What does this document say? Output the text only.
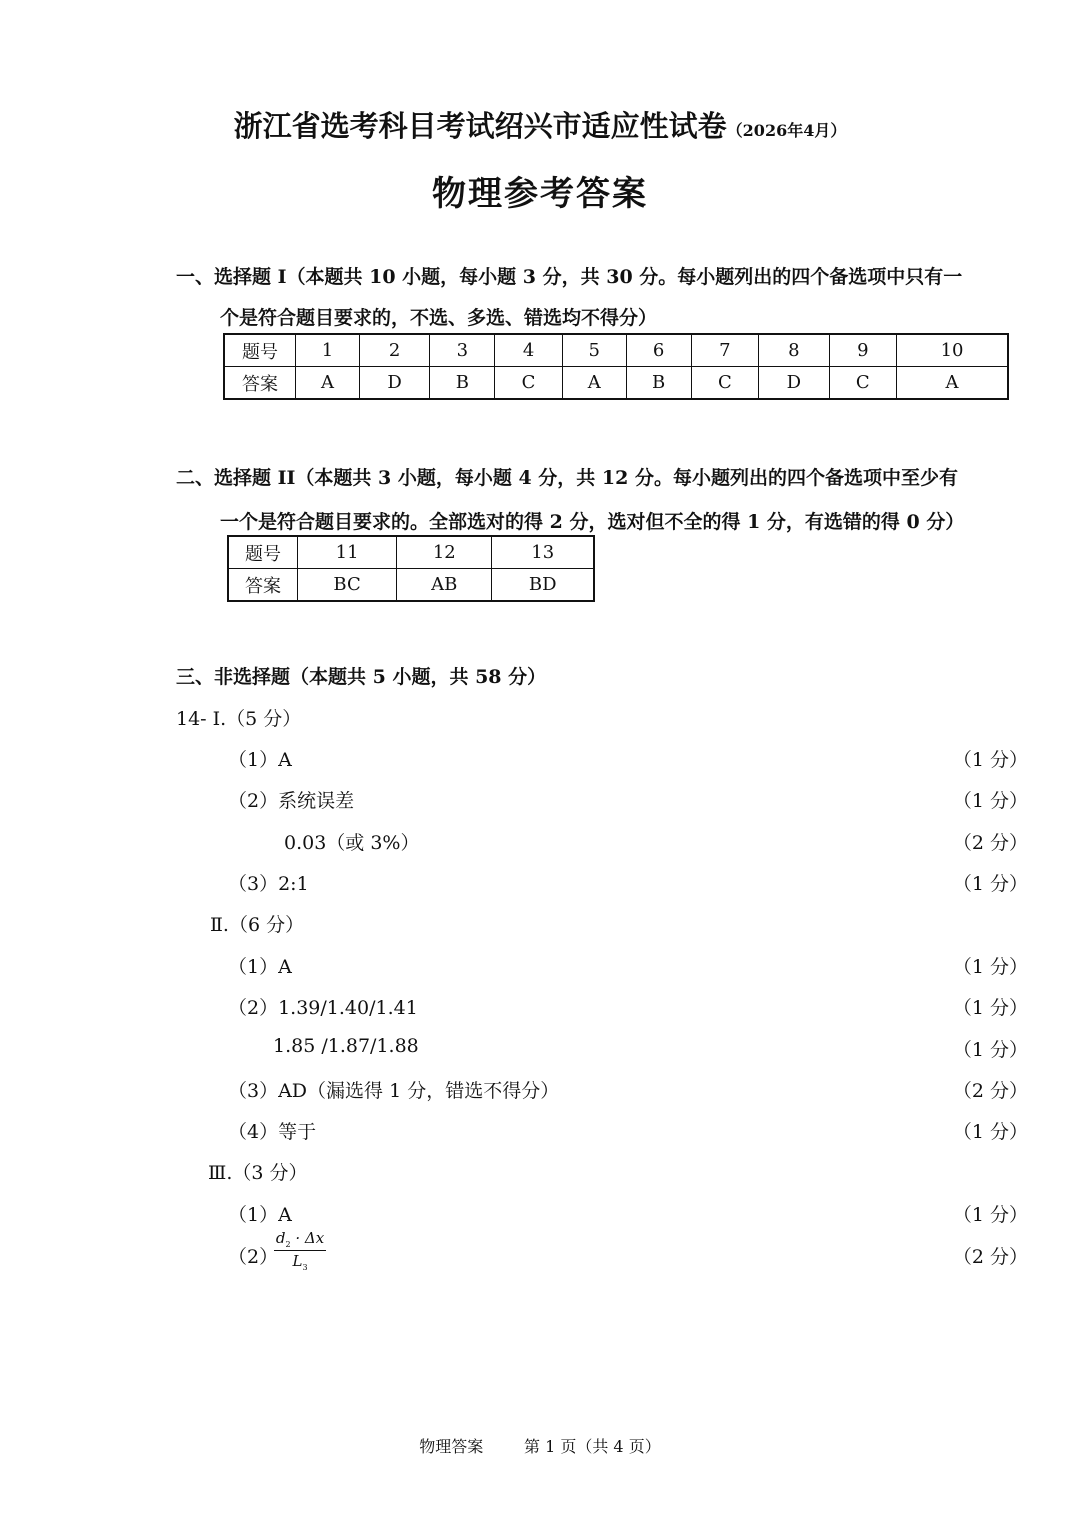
浙江省选考科目考试绍兴市适应性试卷（2026年4月）
物理参考答案
一、选择题 I（本题共 10 小题，每小题 3 分，共 30 分。每小题列出的四个备选项中只有一
个是符合题目要求的，不选、多选、错选均不得分）
题号	1	2	3	4	5	6	7	8	9	10
答案	A	D	B	C	A	B	C	D	C	A
二、选择题 II（本题共 3 小题，每小题 4 分，共 12 分。每小题列出的四个备选项中至少有
一个是符合题目要求的。全部选对的得 2 分，选对但不全的得 1 分，有选错的得 0 分）
题号	11	12	13
答案	BC	AB	BD
三、非选择题（本题共 5 小题，共 58 分）
14- Ⅰ.（5 分）
（1）A	（1 分）
（2）系统误差	（1 分）
0.03（或 3%）	（2 分）
（3）2:1	（1 分）
Ⅱ.（6 分）
（1）A	（1 分）
（2）1.39/1.40/1.41	（1 分）
1.85 /1.87/1.88	（1 分）
（3）AD（漏选得 1 分，错选不得分）	（2 分）
（4）等于	（1 分）
Ⅲ.（3 分）
（1）A	（1 分）
（2）
$d_2 \cdot \Delta x$
$L_3$	（2 分）
物理答案	第 1 页（共 4 页）
